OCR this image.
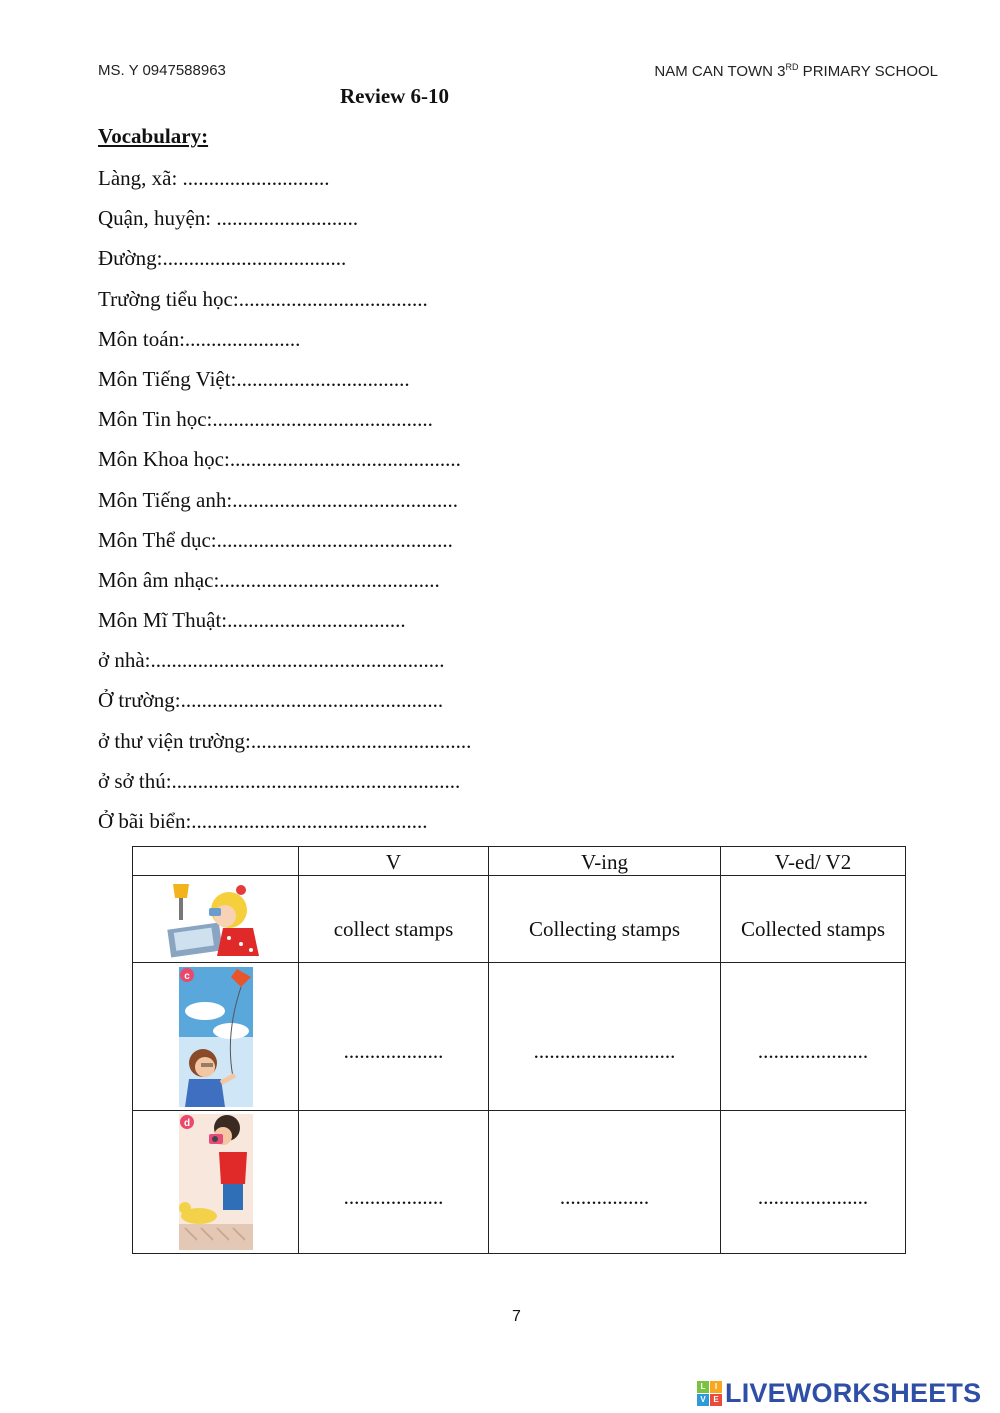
MS. Y 0947588963	NAM CAN TOWN 3RD PRIMARY SCHOOL
Review 6-10
Vocabulary:
Làng, xã: ............................
Quận, huyện: ...........................
Đường:...................................
Trường tiểu học:....................................
Môn toán:......................
Môn Tiếng Việt:.................................
Môn Tin học:..........................................
Môn Khoa học:............................................
Môn Tiếng anh:...........................................
Môn Thể dục:.............................................
Môn âm nhạc:..........................................
Môn Mĩ Thuật:..................................
ở nhà:........................................................
Ở trường:..................................................
ở thư viện trường:..........................................
ở sở thú:.......................................................
Ở bãi biển:.............................................
	V	V-ing	V-ed/ V2

	collect stamps	Collecting stamps	Collected stamps

c	...................	...........................	.....................

d	...................	.................	.....................
7
L	I
V E LIVEWORKSHEETS
